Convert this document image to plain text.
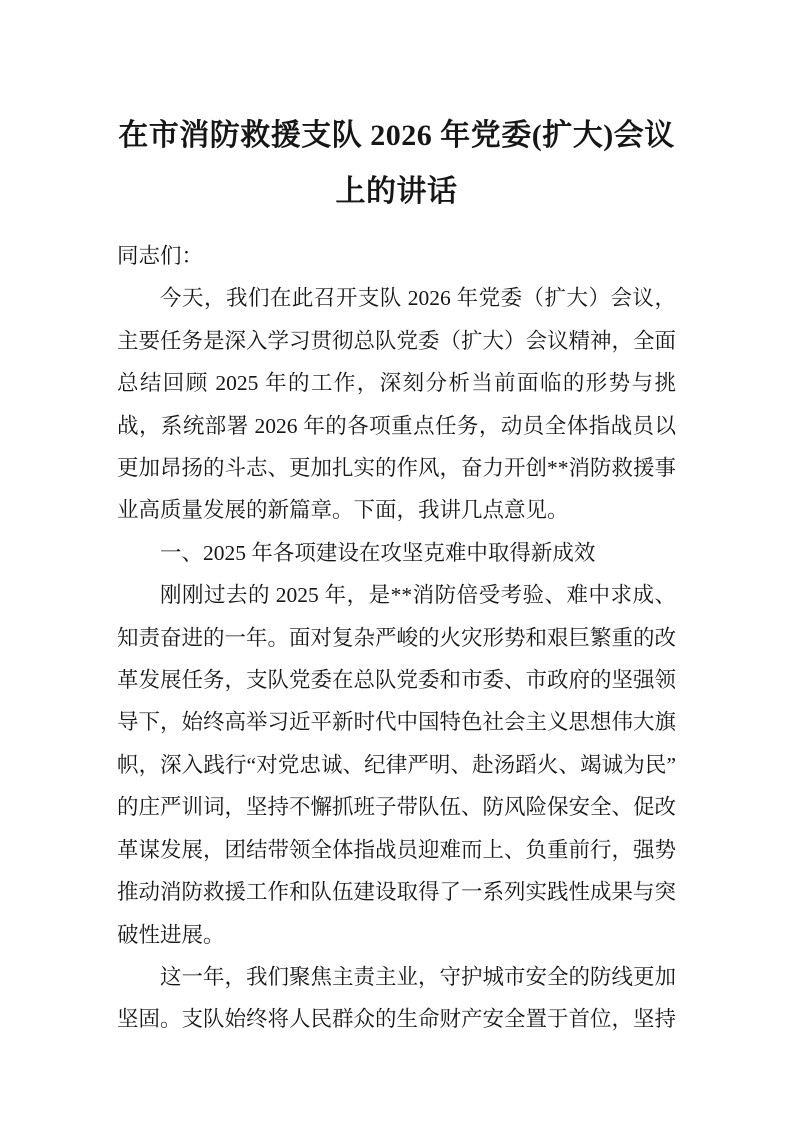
在市消防救援支队 2026 年党委(扩大)会议上的讲话

同志们：

今天，我们在此召开支队 2026 年党委（扩大）会议，主要任务是深入学习贯彻总队党委（扩大）会议精神，全面总结回顾 2025 年的工作，深刻分析当前面临的形势与挑战，系统部署 2026 年的各项重点任务，动员全体指战员以更加昂扬的斗志、更加扎实的作风，奋力开创**消防救援事业高质量发展的新篇章。下面，我讲几点意见。

一、2025 年各项建设在攻坚克难中取得新成效

刚刚过去的 2025 年，是**消防倍受考验、难中求成、知责奋进的一年。面对复杂严峻的火灾形势和艰巨繁重的改革发展任务，支队党委在总队党委和市委、市政府的坚强领导下，始终高举习近平新时代中国特色社会主义思想伟大旗帜，深入践行“对党忠诚、纪律严明、赴汤蹈火、竭诚为民”的庄严训词，坚持不懈抓班子带队伍、防风险保安全、促改革谋发展，团结带领全体指战员迎难而上、负重前行，强势推动消防救援工作和队伍建设取得了一系列实践性成果与突破性进展。

这一年，我们聚焦主责主业，守护城市安全的防线更加坚固。支队始终将人民群众的生命财产安全置于首位，坚持
